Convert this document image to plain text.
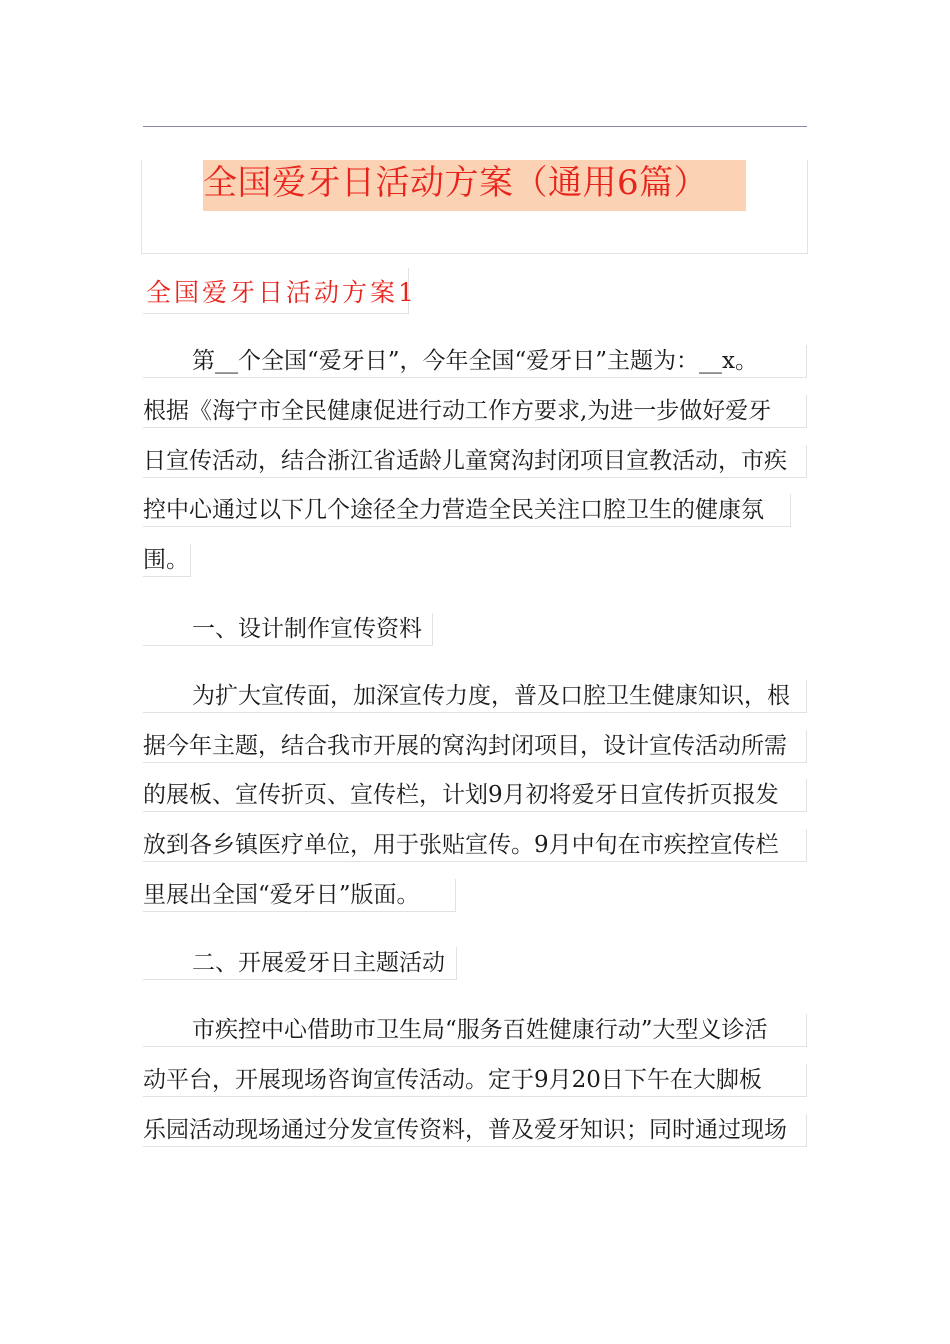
全国爱牙日活动方案（通用6篇）
全国爱牙日活动方案1
第__个全国“爱牙日”，今年全国“爱牙日”主题为：__x。
根据《海宁市全民健康促进行动工作方要求,为进一步做好爱牙
日宣传活动，结合浙江省适龄儿童窝沟封闭项目宣教活动，市疾
控中心通过以下几个途径全力营造全民关注口腔卫生的健康氛
围。
一、设计制作宣传资料
为扩大宣传面，加深宣传力度，普及口腔卫生健康知识，根
据今年主题，结合我市开展的窝沟封闭项目，设计宣传活动所需
的展板、宣传折页、宣传栏，计划9月初将爱牙日宣传折页报发
放到各乡镇医疗单位，用于张贴宣传。9月中旬在市疾控宣传栏
里展出全国“爱牙日”版面。
二、开展爱牙日主题活动
市疾控中心借助市卫生局“服务百姓健康行动”大型义诊活
动平台，开展现场咨询宣传活动。定于9月20日下午在大脚板
乐园活动现场通过分发宣传资料，普及爱牙知识；同时通过现场
